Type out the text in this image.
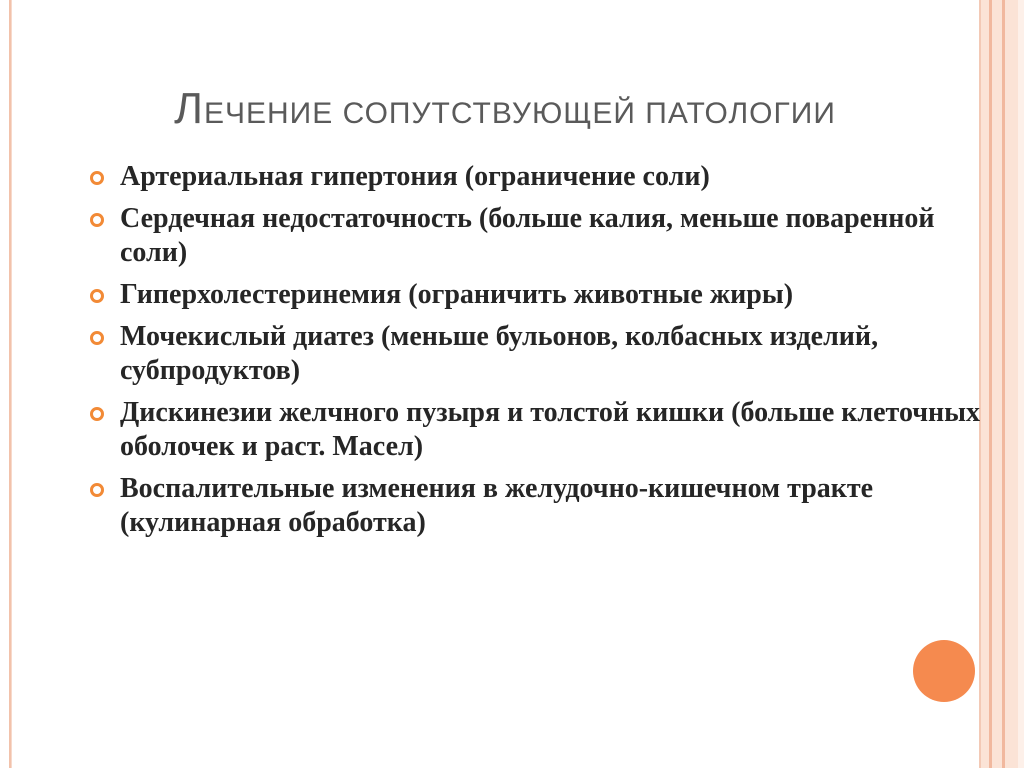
ЛЕЧЕНИЕ СОПУТСТВУЮЩЕЙ ПАТОЛОГИИ
Артериальная гипертония (ограничение соли)
Сердечная недостаточность (больше калия, меньше поваренной соли)
Гиперхолестеринемия (ограничить животные жиры)
Мочекислый диатез (меньше бульонов, колбасных изделий, субпродуктов)
Дискинезии желчного пузыря и толстой кишки (больше клеточных оболочек и раст. Масел)
Воспалительные изменения в желудочно-кишечном тракте (кулинарная обработка)
